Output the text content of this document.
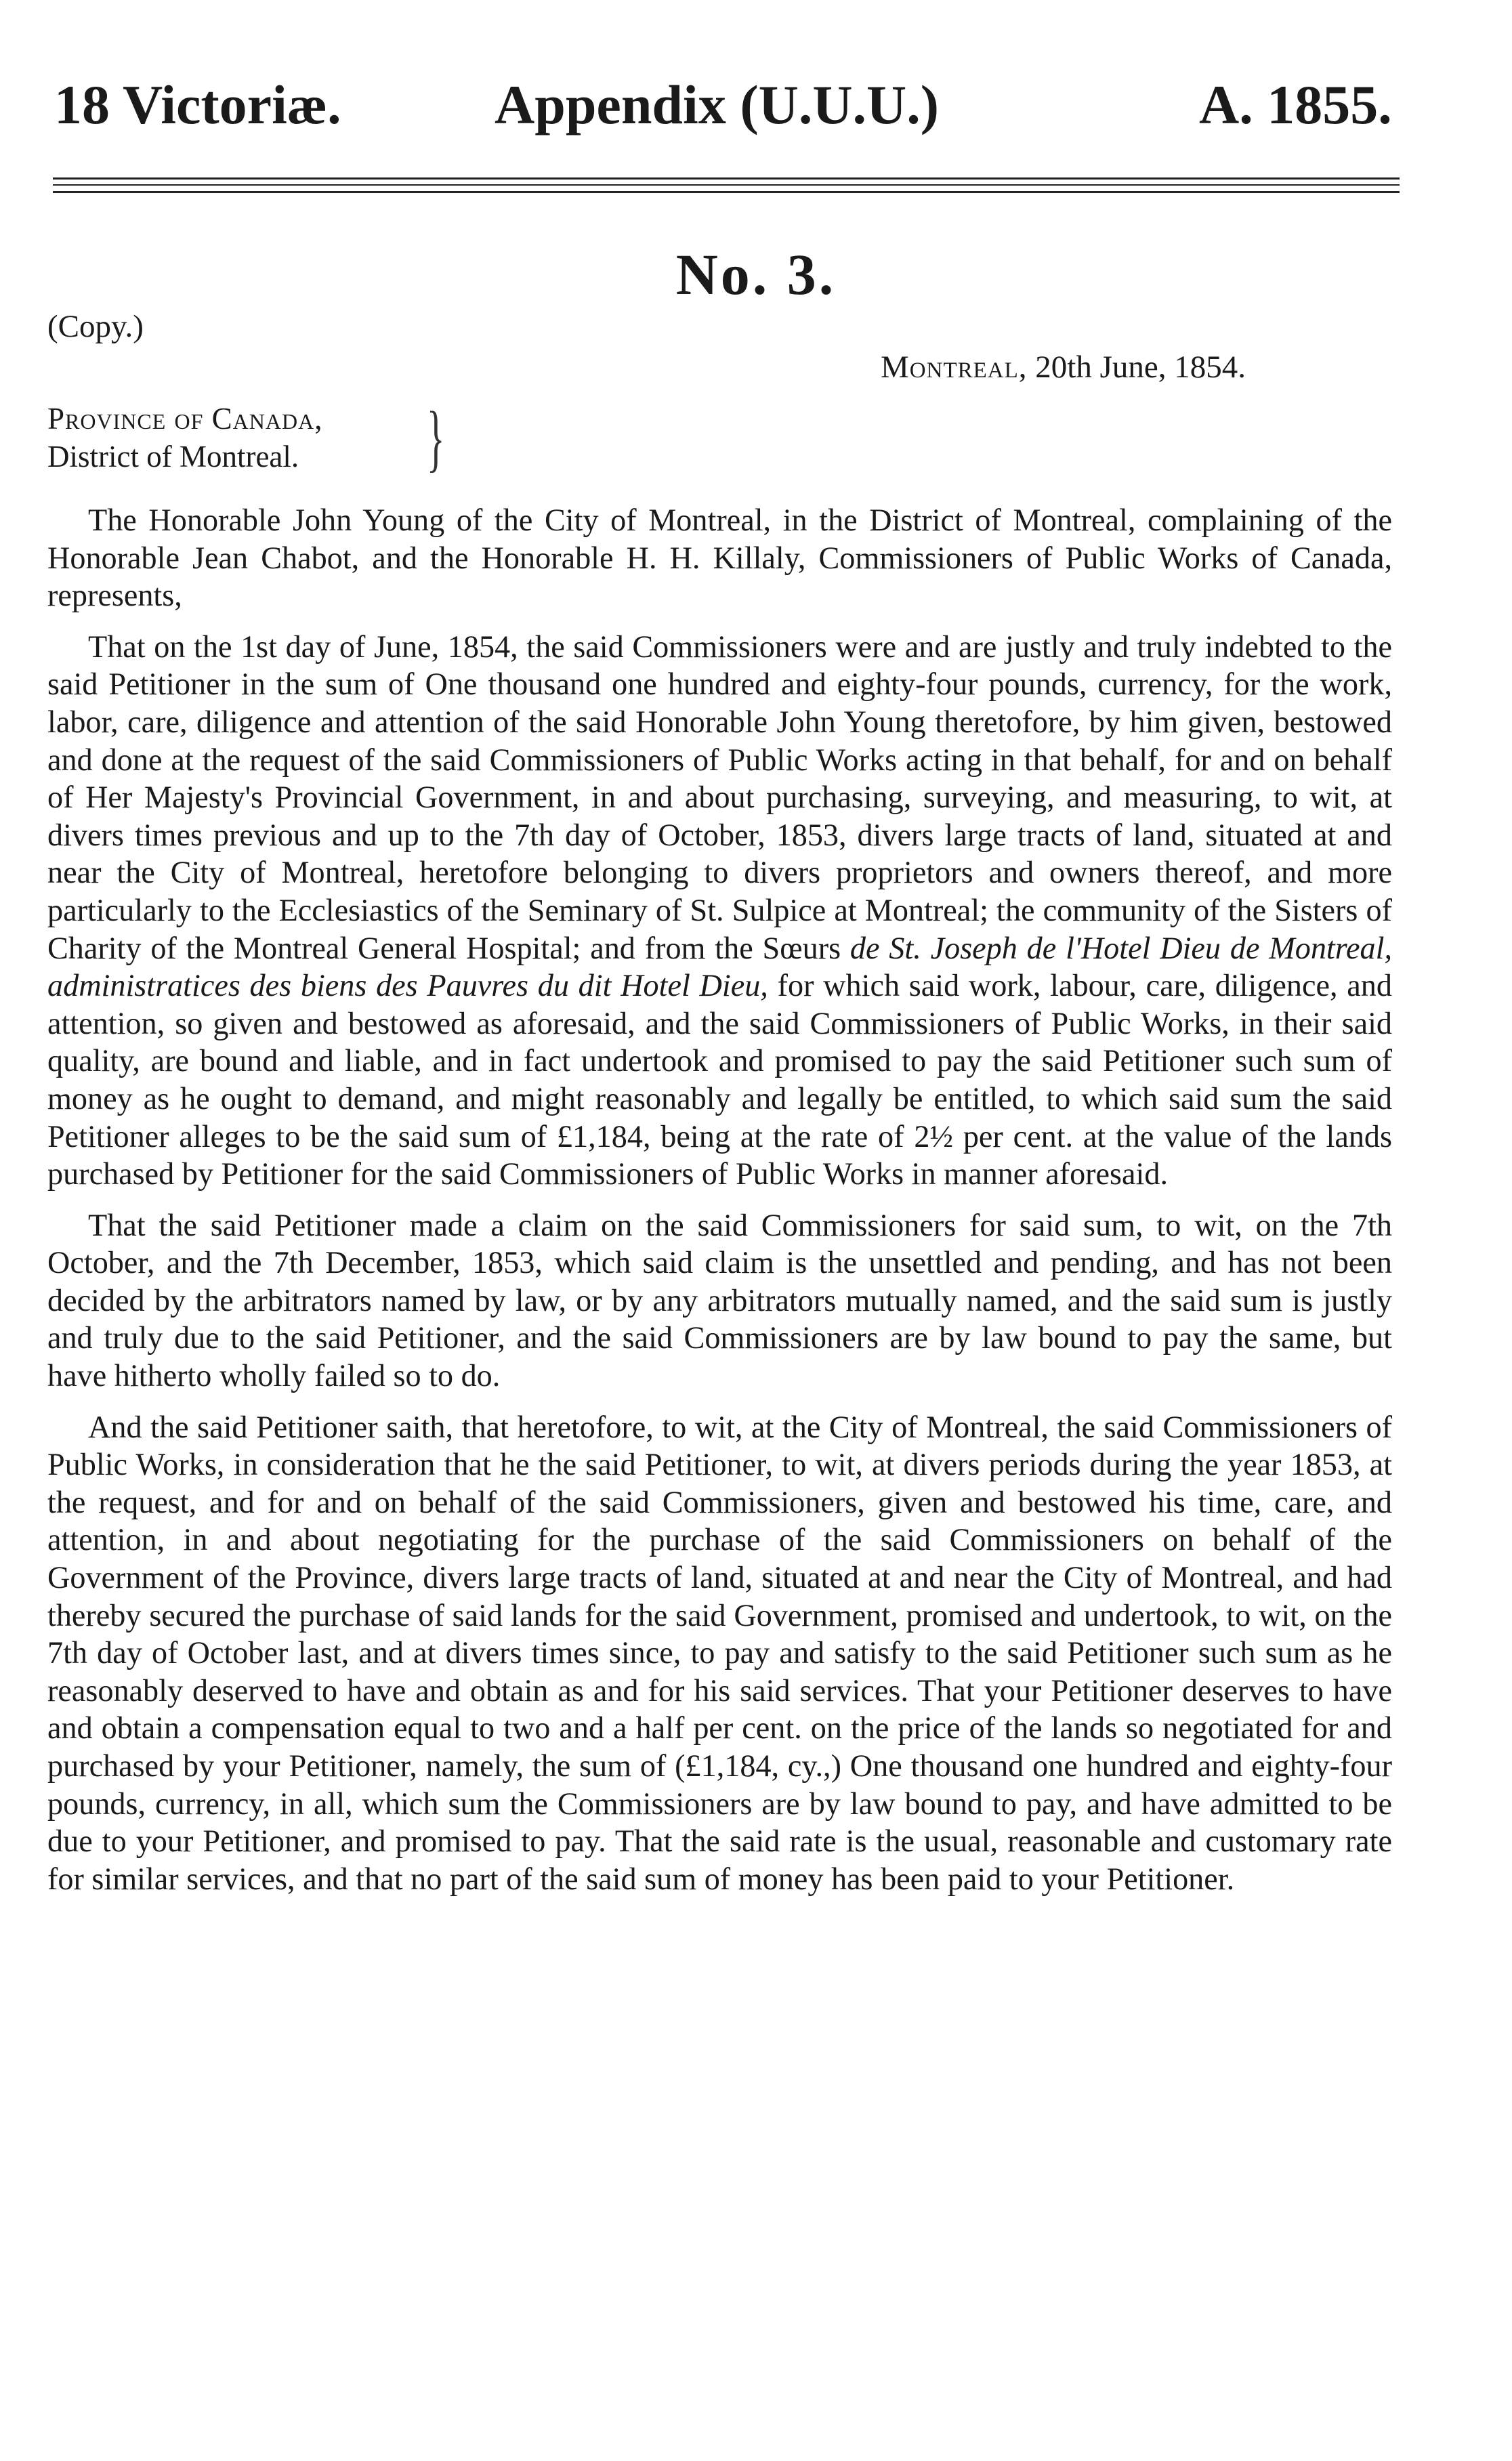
18 Victoriæ.	Appendix (U.U.U.)	A. 1855.
No. 3.
(Copy.)
Montreal, 20th June, 1854.
Province of Canada,
District of Montreal.	}

The Honorable John Young of the City of Montreal, in the District of Montreal, complaining of the Honorable Jean Chabot, and the Honorable H. H. Killaly, Commissioners of Public Works of Canada, represents,

That on the 1st day of June, 1854, the said Commissioners were and are justly and truly indebted to the said Petitioner in the sum of One thousand one hundred and eighty-four pounds, currency, for the work, labor, care, diligence and attention of the said Honorable John Young theretofore, by him given, bestowed and done at the request of the said Commissioners of Public Works acting in that behalf, for and on behalf of Her Majesty's Provincial Government, in and about purchasing, surveying, and measuring, to wit, at divers times previous and up to the 7th day of October, 1853, divers large tracts of land, situated at and near the City of Montreal, heretofore belonging to divers proprietors and owners thereof, and more particularly to the Ecclesiastics of the Seminary of St. Sulpice at Montreal; the community of the Sisters of Charity of the Montreal General Hospital; and from the Sœurs de St. Joseph de l'Hotel Dieu de Montreal, administratices des biens des Pauvres du dit Hotel Dieu, for which said work, labour, care, diligence, and attention, so given and bestowed as aforesaid, and the said Commissioners of Public Works, in their said quality, are bound and liable, and in fact undertook and promised to pay the said Petitioner such sum of money as he ought to demand, and might reasonably and legally be entitled, to which said sum the said Petitioner alleges to be the said sum of £1,184, being at the rate of 2½ per cent. at the value of the lands purchased by Petitioner for the said Commissioners of Public Works in manner aforesaid.

That the said Petitioner made a claim on the said Commissioners for said sum, to wit, on the 7th October, and the 7th December, 1853, which said claim is the unsettled and pending, and has not been decided by the arbitrators named by law, or by any arbitrators mutually named, and the said sum is justly and truly due to the said Petitioner, and the said Commissioners are by law bound to pay the same, but have hitherto wholly failed so to do.

And the said Petitioner saith, that heretofore, to wit, at the City of Montreal, the said Commissioners of Public Works, in consideration that he the said Petitioner, to wit, at divers periods during the year 1853, at the request, and for and on behalf of the said Commissioners, given and bestowed his time, care, and attention, in and about negotiating for the purchase of the said Commissioners on behalf of the Government of the Province, divers large tracts of land, situated at and near the City of Montreal, and had thereby secured the purchase of said lands for the said Government, promised and undertook, to wit, on the 7th day of October last, and at divers times since, to pay and satisfy to the said Petitioner such sum as he reasonably deserved to have and obtain as and for his said services. That your Petitioner deserves to have and obtain a compensation equal to two and a half per cent. on the price of the lands so negotiated for and purchased by your Petitioner, namely, the sum of (£1,184, cy.,) One thousand one hundred and eighty-four pounds, currency, in all, which sum the Commissioners are by law bound to pay, and have admitted to be due to your Petitioner, and promised to pay. That the said rate is the usual, reasonable and customary rate for similar services, and that no part of the said sum of money has been paid to your Petitioner.
